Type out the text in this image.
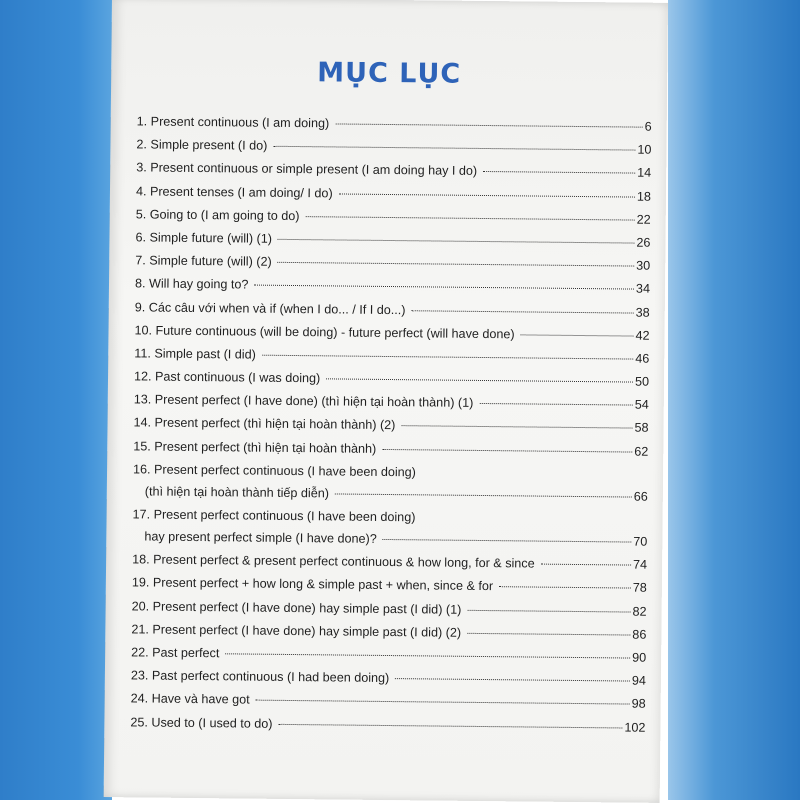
MỤC LỤC
1. Present continuous (I am doing)	6
2. Simple present (I do)	10
3. Present continuous or simple present (I am doing hay I do)	14
4. Present tenses (I am doing/ I do)	18
5. Going to (I am going to do)	22
6. Simple future (will) (1)	26
7. Simple future (will) (2)	30
8. Will hay going to?	34
9. Các câu với when và if (when I do... / If I do...)	38
10. Future continuous (will be doing) - future perfect (will have done)	42
11. Simple past (I did)	46
12. Past continuous (I was doing)	50
13. Present perfect (I have done) (thì hiện tại hoàn thành) (1)	54
14. Present perfect (thì hiện tại hoàn thành) (2)	58
15. Present perfect (thì hiện tại hoàn thành)	62
16. Present perfect continuous (I have been doing)
(thì hiện tại hoàn thành tiếp diễn)	66
17. Present perfect continuous (I have been doing)
hay present perfect simple (I have done)?	70
18. Present perfect & present perfect continuous & how long, for & since	74
19. Present perfect + how long & simple past + when, since & for	78
20. Present perfect (I have done) hay simple past (I did) (1)	82
21. Present perfect (I have done) hay simple past (I did) (2)	86
22. Past perfect	90
23. Past perfect continuous (I had been doing)	94
24. Have và have got	98
25. Used to (I used to do)	102
